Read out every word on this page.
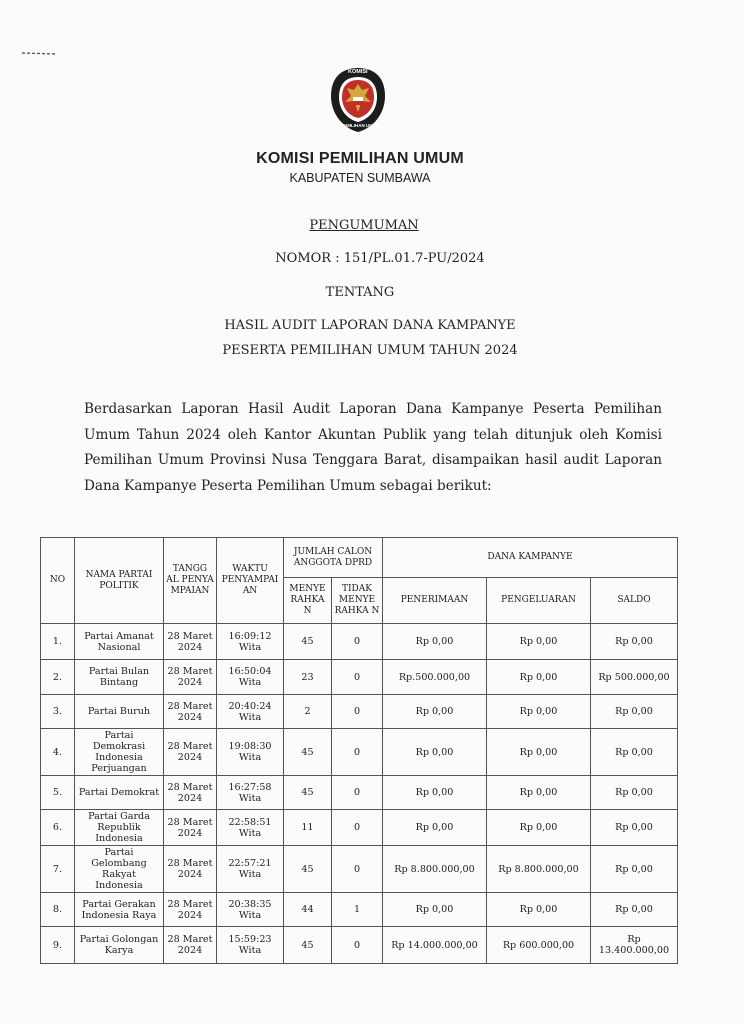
KOMISI
PEMILIHAN UMUM
KOMISI PEMILIHAN UMUM
KABUPATEN SUMBAWA
PENGUMUMAN
NOMOR : 151/PL.01.7-PU/2024
TENTANG
HASIL AUDIT LAPORAN DANA KAMPANYE
PESERTA PEMILIHAN UMUM TAHUN 2024
Berdasarkan Laporan Hasil Audit Laporan Dana Kampanye Peserta Pemilihan Umum Tahun 2024 oleh Kantor Akuntan Publik yang telah ditunjuk oleh Komisi Pemilihan Umum Provinsi Nusa Tenggara Barat, disampaikan hasil audit Laporan Dana Kampanye Peserta Pemilihan Umum sebagai berikut:
NO	NAMA PARTAI POLITIK	TANGG AL PENYA MPAIAN	WAKTU PENYAMPAI AN	JUMLAH CALON ANGGOTA DPRD		DANA KAMPANYE		
				MENYE RAHKA N	TIDAK MENYE RAHKA N	PENERIMAAN	PENGELUARAN	SALDO
1.	Partai Amanat Nasional	28 Maret 2024	16:09:12 Wita	45	0	Rp 0,00	Rp 0,00	Rp 0,00
2.	Partai Bulan Bintang	28 Maret 2024	16:50:04 Wita	23	0	Rp.500.000,00	Rp 0,00	Rp 500.000,00
3.	Partai Buruh	28 Maret 2024	20:40:24 Wita	2	0	Rp 0,00	Rp 0,00	Rp 0,00
4.	Partai Demokrasi Indonesia Perjuangan	28 Maret 2024	19:08:30 Wita	45	0	Rp 0,00	Rp 0,00	Rp 0,00
5.	Partai Demokrat	28 Maret 2024	16:27:58 Wita	45	0	Rp 0,00	Rp 0,00	Rp 0,00
6.	Partai Garda Republik Indonesia	28 Maret 2024	22:58:51 Wita	11	0	Rp 0,00	Rp 0,00	Rp 0,00
7.	Partai Gelombang Rakyat Indonesia	28 Maret 2024	22:57:21 Wita	45	0	Rp 8.800.000,00	Rp 8.800.000,00	Rp 0,00
8.	Partai Gerakan Indonesia Raya	28 Maret 2024	20:38:35 Wita	44	1	Rp 0,00	Rp 0,00	Rp 0,00
9.	Partai Golongan Karya	28 Maret 2024	15:59:23 Wita	45	0	Rp 14.000.000,00	Rp 600.000,00	Rp 13.400.000,00
